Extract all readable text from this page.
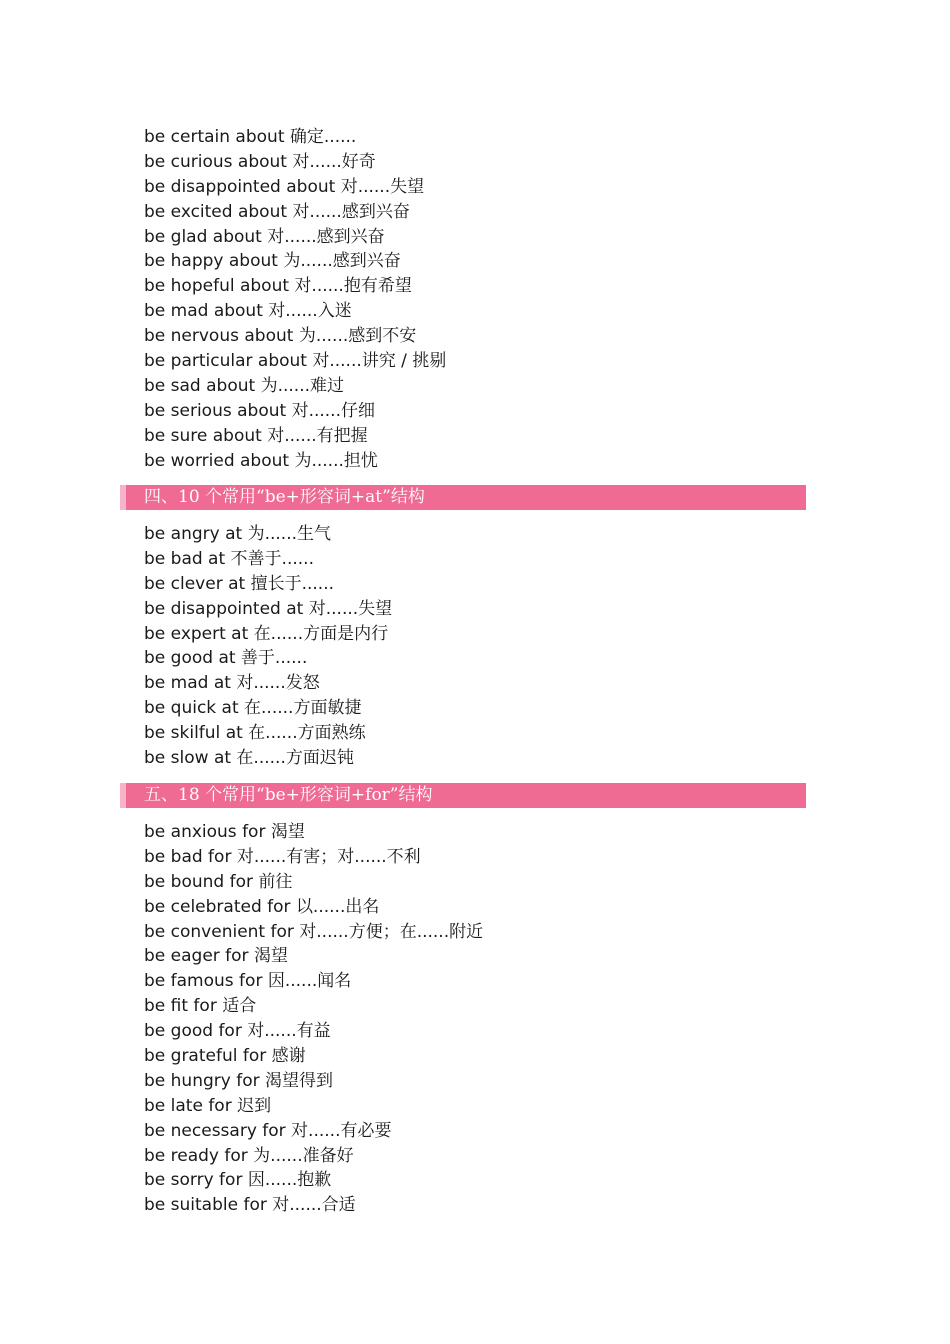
be certain about 确定......
be curious about 对......好奇
be disappointed about 对......失望
be excited about 对......感到兴奋
be glad about 对......感到兴奋
be happy about 为......感到兴奋
be hopeful about 对......抱有希望
be mad about 对......入迷
be nervous about 为......感到不安
be particular about 对......讲究 / 挑剔
be sad about 为......难过
be serious about 对......仔细
be sure about 对......有把握
be worried about 为......担忧
四、10 个常用“be+形容词+at”结构
be angry at 为......生气
be bad at 不善于......
be clever at 擅长于......
be disappointed at 对......失望
be expert at 在......方面是内行
be good at 善于......
be mad at 对......发怒
be quick at 在......方面敏捷
be skilful at 在......方面熟练
be slow at 在......方面迟钝
五、18 个常用“be+形容词+for”结构
be anxious for 渴望
be bad for 对......有害；对......不利
be bound for 前往
be celebrated for 以......出名
be convenient for 对......方便；在......附近
be eager for 渴望
be famous for 因......闻名
be fit for 适合
be good for 对......有益
be grateful for 感谢
be hungry for 渴望得到
be late for 迟到
be necessary for 对......有必要
be ready for 为......准备好
be sorry for 因......抱歉
be suitable for 对......合适
